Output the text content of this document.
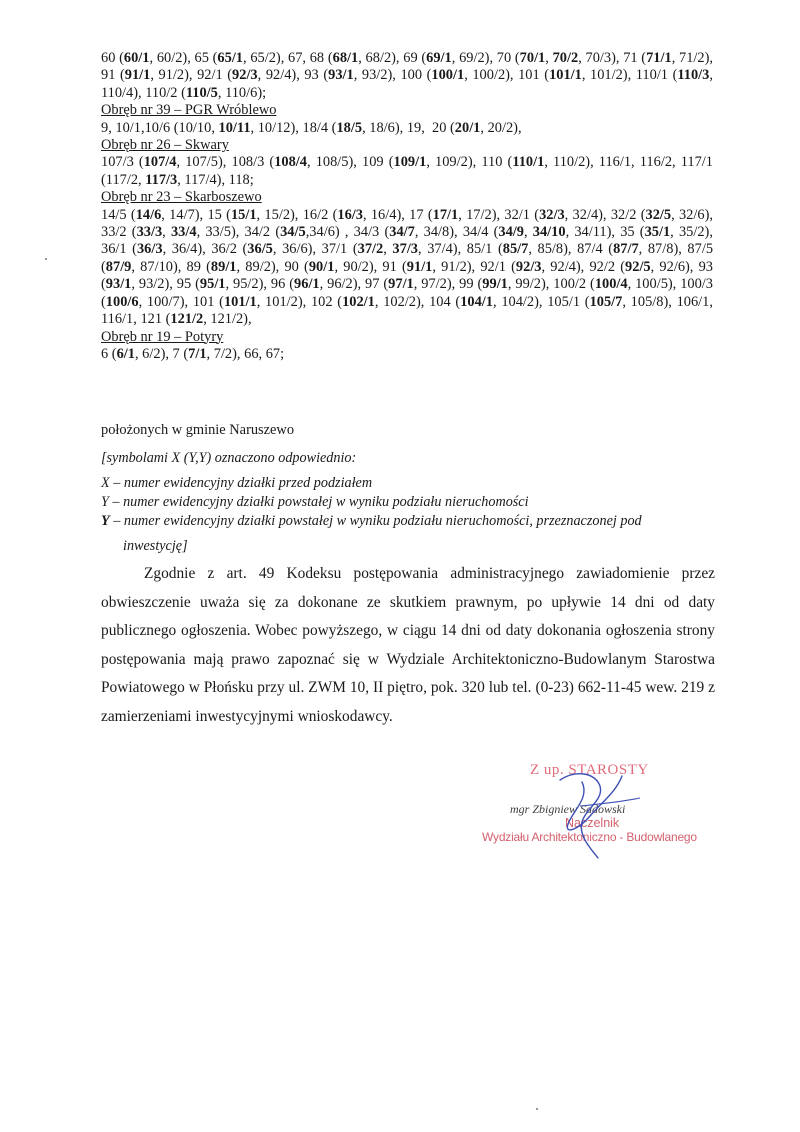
60 (60/1, 60/2), 65 (65/1, 65/2), 67, 68 (68/1, 68/2), 69 (69/1, 69/2), 70 (70/1, 70/2, 70/3), 71 (71/1, 71/2), 91 (91/1, 91/2), 92/1 (92/3, 92/4), 93 (93/1, 93/2), 100 (100/1, 100/2), 101 (101/1, 101/2), 110/1 (110/3, 110/4), 110/2 (110/5, 110/6);

Obręb nr 39 – PGR Wróblewo

9, 10/1,10/6 (10/10, 10/11, 10/12), 18/4 (18/5, 18/6), 19,  20 (20/1, 20/2),

Obręb nr 26 – Skwary

107/3 (107/4, 107/5), 108/3 (108/4, 108/5), 109 (109/1, 109/2), 110 (110/1, 110/2), 116/1, 116/2, 117/1 (117/2, 117/3, 117/4), 118;

Obręb nr 23 – Skarboszewo

14/5 (14/6, 14/7), 15 (15/1, 15/2), 16/2 (16/3, 16/4), 17 (17/1, 17/2), 32/1 (32/3, 32/4), 32/2 (32/5, 32/6), 33/2 (33/3, 33/4, 33/5), 34/2 (34/5,34/6) , 34/3 (34/7, 34/8), 34/4 (34/9, 34/10, 34/11), 35 (35/1, 35/2), 36/1 (36/3, 36/4), 36/2 (36/5, 36/6), 37/1 (37/2, 37/3, 37/4), 85/1 (85/7, 85/8), 87/4 (87/7, 87/8), 87/5 (87/9, 87/10), 89 (89/1, 89/2), 90 (90/1, 90/2), 91 (91/1, 91/2), 92/1 (92/3, 92/4), 92/2 (92/5, 92/6), 93 (93/1, 93/2), 95 (95/1, 95/2), 96 (96/1, 96/2), 97 (97/1, 97/2), 99 (99/1, 99/2), 100/2 (100/4, 100/5), 100/3 (100/6, 100/7), 101 (101/1, 101/2), 102 (102/1, 102/2), 104 (104/1, 104/2), 105/1 (105/7, 105/8), 106/1, 116/1, 121 (121/2, 121/2),

Obręb nr 19 – Potyry

6 (6/1, 6/2), 7 (7/1, 7/2), 66, 67;

położonych w gminie Naruszewo

[symbolami X (Y,Y) oznaczono odpowiednio:

X – numer ewidencyjny działki przed podziałem

Y – numer ewidencyjny działki powstałej w wyniku podziału nieruchomości

Y – numer ewidencyjny działki powstałej w wyniku podziału nieruchomości, przeznaczonej pod

inwestycję]

Zgodnie z art. 49 Kodeksu postępowania administracyjnego zawiadomienie przez obwieszczenie uważa się za dokonane ze skutkiem prawnym, po upływie 14 dni od daty publicznego ogłoszenia. Wobec powyższego, w ciągu 14 dni od daty dokonania ogłoszenia strony postępowania mają prawo zapoznać się w Wydziale Architektoniczno-Budowlanym Starostwa Powiatowego w Płońsku przy ul. ZWM 10, II piętro, pok. 320 lub tel. (0-23) 662-11-45 wew. 219 z zamierzeniami inwestycyjnymi wnioskodawcy.

Z up. STAROSTY
mgr Zbigniew Sadowski
Naczelnik
Wydziału Architektoniczno - Budowlanego
